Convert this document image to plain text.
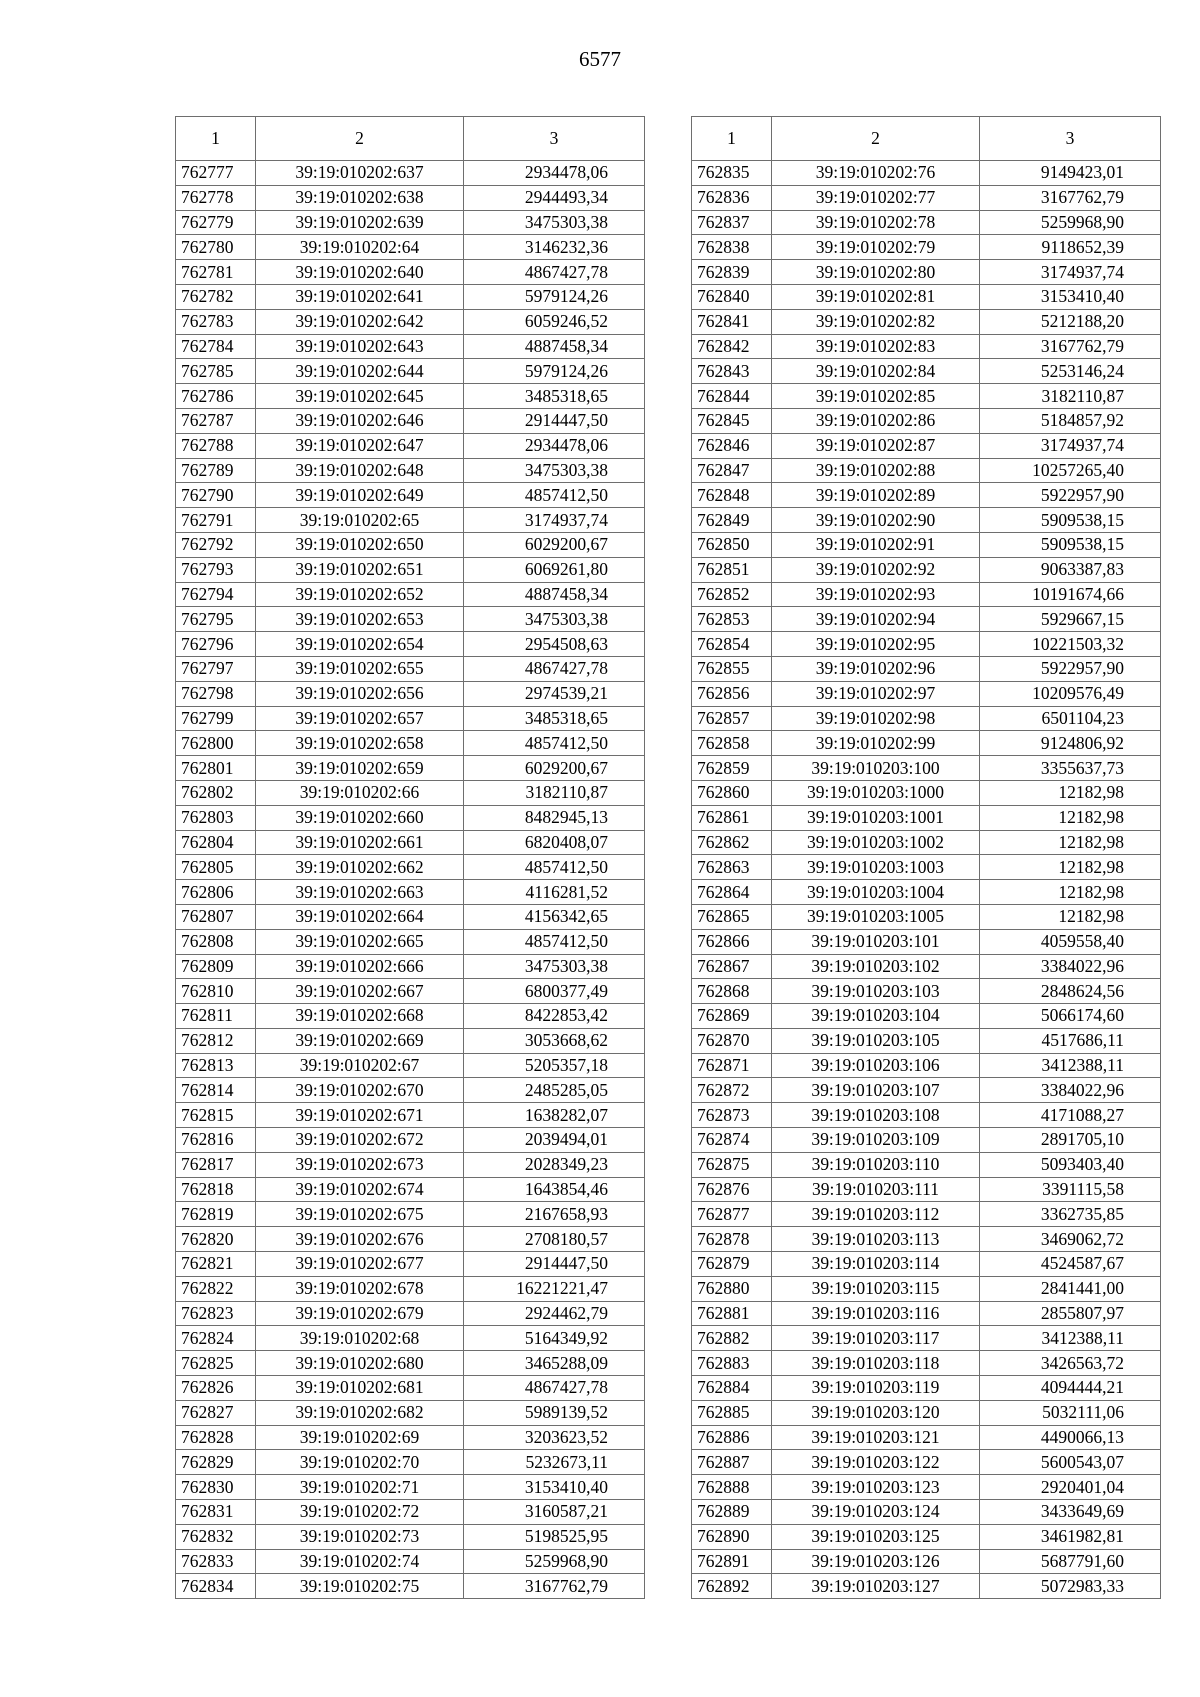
6577
1	2	3
762777	39:19:010202:637	2934478,06
762778	39:19:010202:638	2944493,34
762779	39:19:010202:639	3475303,38
762780	39:19:010202:64	3146232,36
762781	39:19:010202:640	4867427,78
762782	39:19:010202:641	5979124,26
762783	39:19:010202:642	6059246,52
762784	39:19:010202:643	4887458,34
762785	39:19:010202:644	5979124,26
762786	39:19:010202:645	3485318,65
762787	39:19:010202:646	2914447,50
762788	39:19:010202:647	2934478,06
762789	39:19:010202:648	3475303,38
762790	39:19:010202:649	4857412,50
762791	39:19:010202:65	3174937,74
762792	39:19:010202:650	6029200,67
762793	39:19:010202:651	6069261,80
762794	39:19:010202:652	4887458,34
762795	39:19:010202:653	3475303,38
762796	39:19:010202:654	2954508,63
762797	39:19:010202:655	4867427,78
762798	39:19:010202:656	2974539,21
762799	39:19:010202:657	3485318,65
762800	39:19:010202:658	4857412,50
762801	39:19:010202:659	6029200,67
762802	39:19:010202:66	3182110,87
762803	39:19:010202:660	8482945,13
762804	39:19:010202:661	6820408,07
762805	39:19:010202:662	4857412,50
762806	39:19:010202:663	4116281,52
762807	39:19:010202:664	4156342,65
762808	39:19:010202:665	4857412,50
762809	39:19:010202:666	3475303,38
762810	39:19:010202:667	6800377,49
762811	39:19:010202:668	8422853,42
762812	39:19:010202:669	3053668,62
762813	39:19:010202:67	5205357,18
762814	39:19:010202:670	2485285,05
762815	39:19:010202:671	1638282,07
762816	39:19:010202:672	2039494,01
762817	39:19:010202:673	2028349,23
762818	39:19:010202:674	1643854,46
762819	39:19:010202:675	2167658,93
762820	39:19:010202:676	2708180,57
762821	39:19:010202:677	2914447,50
762822	39:19:010202:678	16221221,47
762823	39:19:010202:679	2924462,79
762824	39:19:010202:68	5164349,92
762825	39:19:010202:680	3465288,09
762826	39:19:010202:681	4867427,78
762827	39:19:010202:682	5989139,52
762828	39:19:010202:69	3203623,52
762829	39:19:010202:70	5232673,11
762830	39:19:010202:71	3153410,40
762831	39:19:010202:72	3160587,21
762832	39:19:010202:73	5198525,95
762833	39:19:010202:74	5259968,90
762834	39:19:010202:75	3167762,79
1	2	3
762835	39:19:010202:76	9149423,01
762836	39:19:010202:77	3167762,79
762837	39:19:010202:78	5259968,90
762838	39:19:010202:79	9118652,39
762839	39:19:010202:80	3174937,74
762840	39:19:010202:81	3153410,40
762841	39:19:010202:82	5212188,20
762842	39:19:010202:83	3167762,79
762843	39:19:010202:84	5253146,24
762844	39:19:010202:85	3182110,87
762845	39:19:010202:86	5184857,92
762846	39:19:010202:87	3174937,74
762847	39:19:010202:88	10257265,40
762848	39:19:010202:89	5922957,90
762849	39:19:010202:90	5909538,15
762850	39:19:010202:91	5909538,15
762851	39:19:010202:92	9063387,83
762852	39:19:010202:93	10191674,66
762853	39:19:010202:94	5929667,15
762854	39:19:010202:95	10221503,32
762855	39:19:010202:96	5922957,90
762856	39:19:010202:97	10209576,49
762857	39:19:010202:98	6501104,23
762858	39:19:010202:99	9124806,92
762859	39:19:010203:100	3355637,73
762860	39:19:010203:1000	12182,98
762861	39:19:010203:1001	12182,98
762862	39:19:010203:1002	12182,98
762863	39:19:010203:1003	12182,98
762864	39:19:010203:1004	12182,98
762865	39:19:010203:1005	12182,98
762866	39:19:010203:101	4059558,40
762867	39:19:010203:102	3384022,96
762868	39:19:010203:103	2848624,56
762869	39:19:010203:104	5066174,60
762870	39:19:010203:105	4517686,11
762871	39:19:010203:106	3412388,11
762872	39:19:010203:107	3384022,96
762873	39:19:010203:108	4171088,27
762874	39:19:010203:109	2891705,10
762875	39:19:010203:110	5093403,40
762876	39:19:010203:111	3391115,58
762877	39:19:010203:112	3362735,85
762878	39:19:010203:113	3469062,72
762879	39:19:010203:114	4524587,67
762880	39:19:010203:115	2841441,00
762881	39:19:010203:116	2855807,97
762882	39:19:010203:117	3412388,11
762883	39:19:010203:118	3426563,72
762884	39:19:010203:119	4094444,21
762885	39:19:010203:120	5032111,06
762886	39:19:010203:121	4490066,13
762887	39:19:010203:122	5600543,07
762888	39:19:010203:123	2920401,04
762889	39:19:010203:124	3433649,69
762890	39:19:010203:125	3461982,81
762891	39:19:010203:126	5687791,60
762892	39:19:010203:127	5072983,33
